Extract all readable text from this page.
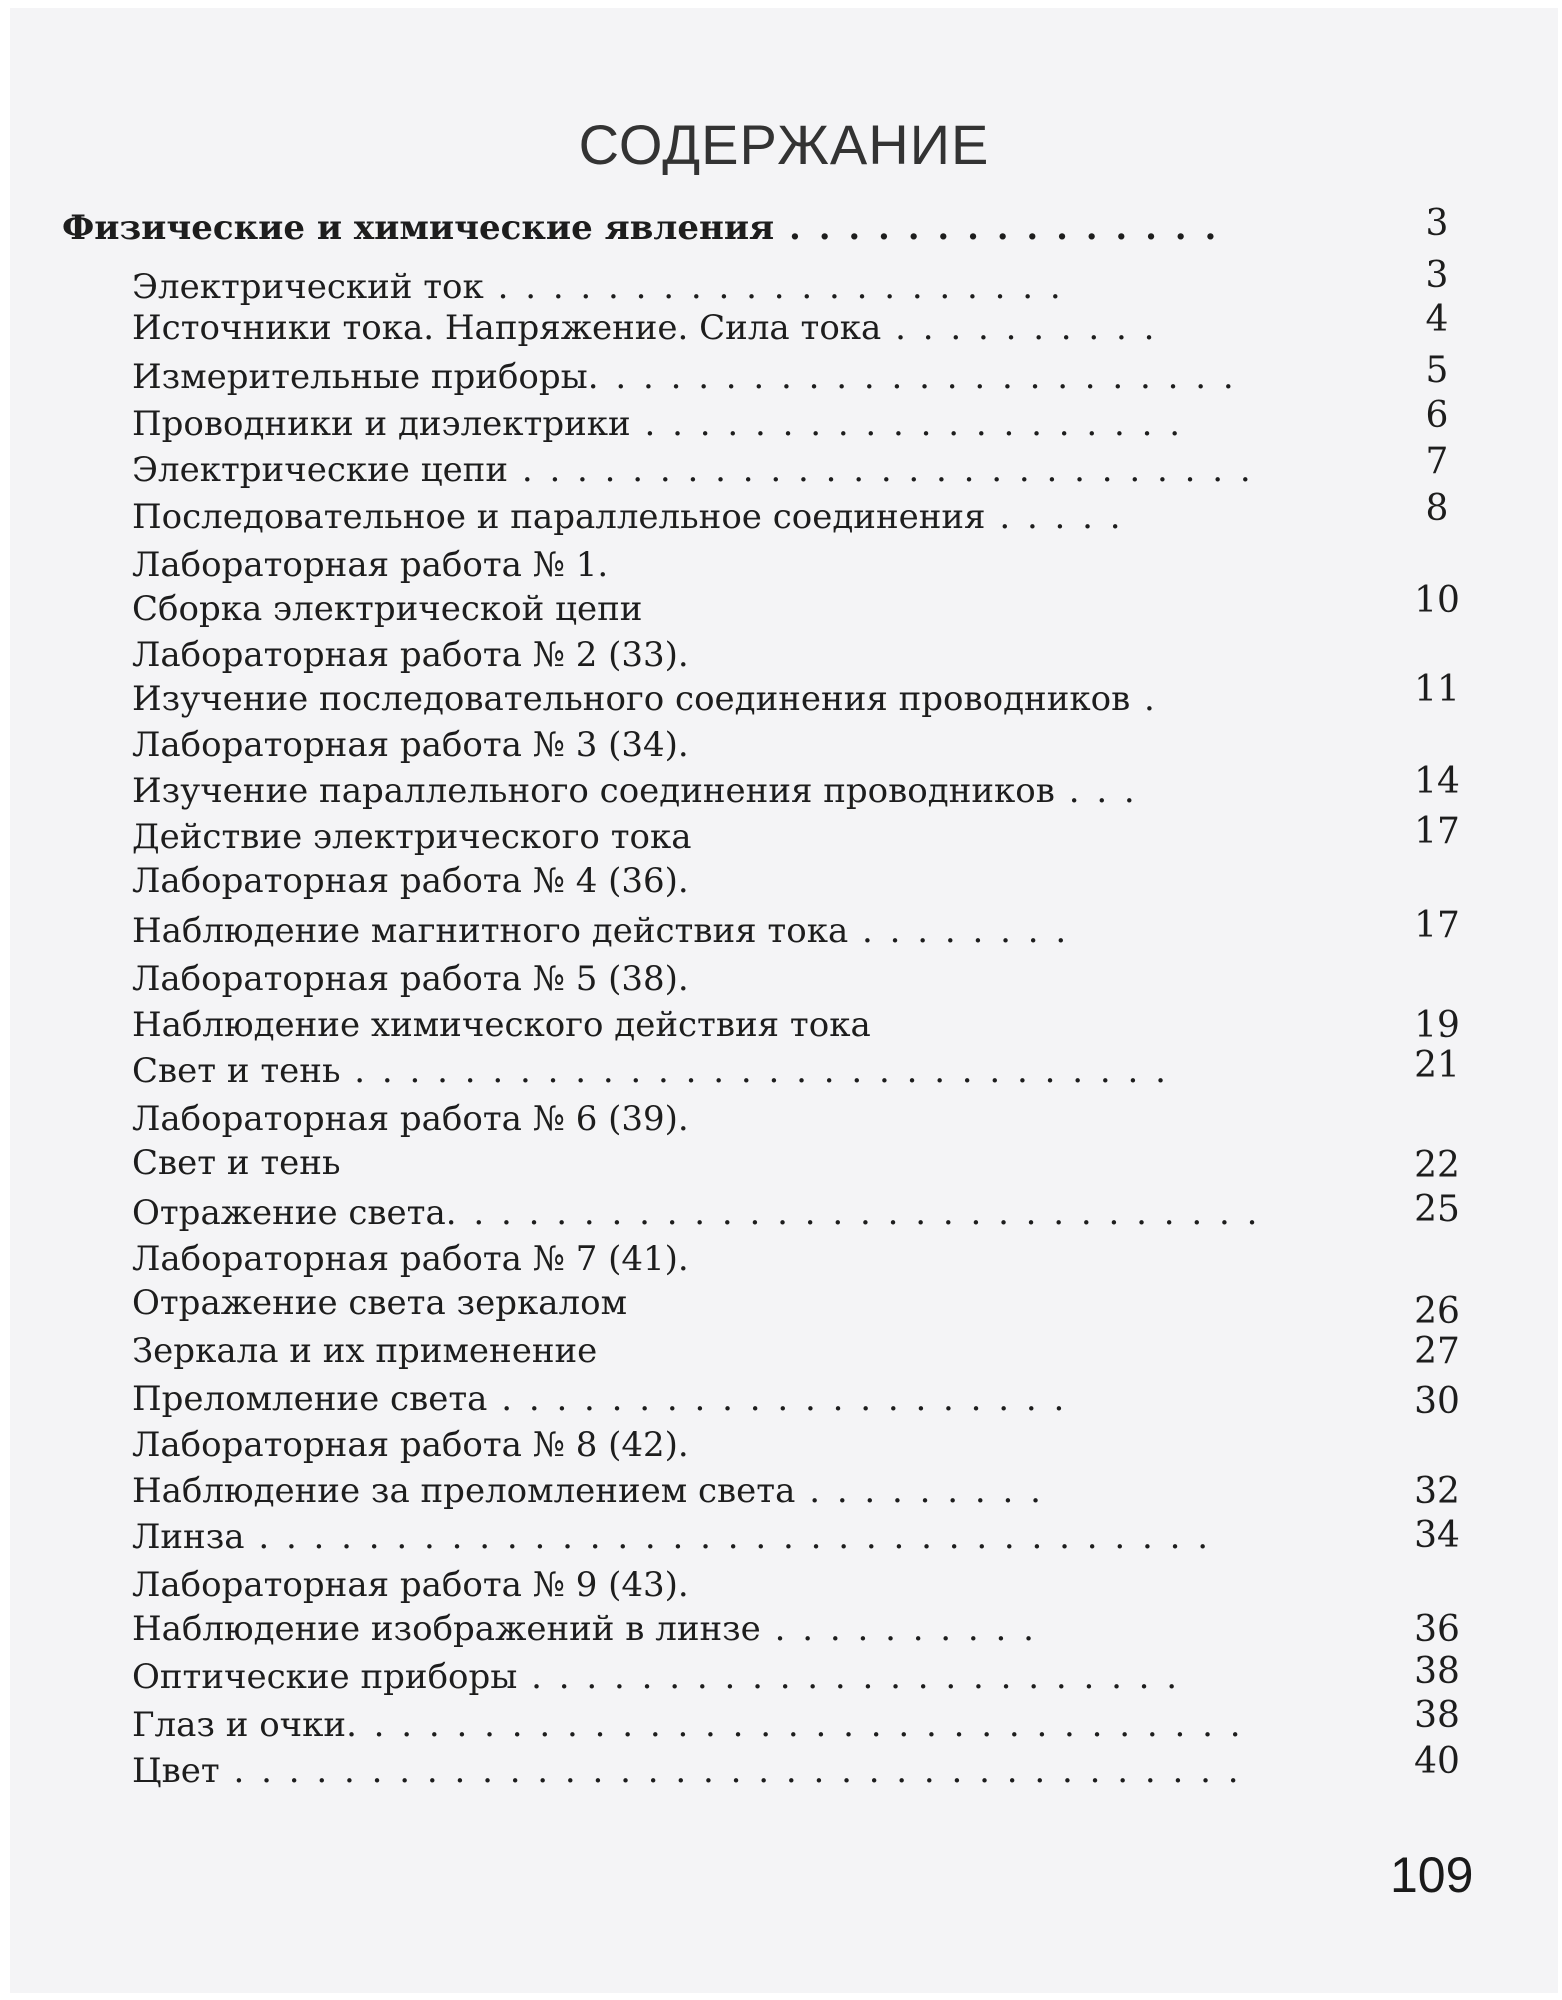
СОДЕРЖАНИЕ
Физические и химические явления . . . . . . . . . . . . . . .	3
Электрический ток . . . . . . . . . . . . . . . . . . . . .	3
Источники тока. Напряжение. Сила тока . . . . . . . . . .	4
Измерительные приборы. . . . . . . . . . . . . . . . . . . . . . . .	5
Проводники и диэлектрики . . . . . . . . . . . . . . . . . . . .	6
Электрические цепи . . . . . . . . . . . . . . . . . . . . . . . . . . .	7
Последовательное и параллельное соединения . . . . .	8
Лабораторная работа № 1.
Сборка электрической цепи	10
Лабораторная работа № 2 (33).
Изучение последовательного соединения проводников .	11
Лабораторная работа № 3 (34).
Изучение параллельного соединения проводников . . .	14
Действие электрического тока	17
Лабораторная работа № 4 (36).
Наблюдение магнитного действия тока . . . . . . . .	17
Лабораторная работа № 5 (38).
Наблюдение химического действия тока	19
Свет и тень . . . . . . . . . . . . . . . . . . . . . . . . . . . . . .	21
Лабораторная работа № 6 (39).
Свет и тень	22
Отражение света. . . . . . . . . . . . . . . . . . . . . . . . . . . . . .	25
Лабораторная работа № 7 (41).
Отражение света зеркалом	26
Зеркала и их применение	27
Преломление света . . . . . . . . . . . . . . . . . . . . .	30
Лабораторная работа № 8 (42).
Наблюдение за преломлением света . . . . . . . . .	32
Линза . . . . . . . . . . . . . . . . . . . . . . . . . . . . . . . . . . .	34
Лабораторная работа № 9 (43).
Наблюдение изображений в линзе . . . . . . . . . .	36
Оптические приборы . . . . . . . . . . . . . . . . . . . . . . . .	38
Глаз и очки. . . . . . . . . . . . . . . . . . . . . . . . . . . . . . . . .	38
Цвет . . . . . . . . . . . . . . . . . . . . . . . . . . . . . . . . . . . . .	40
109
